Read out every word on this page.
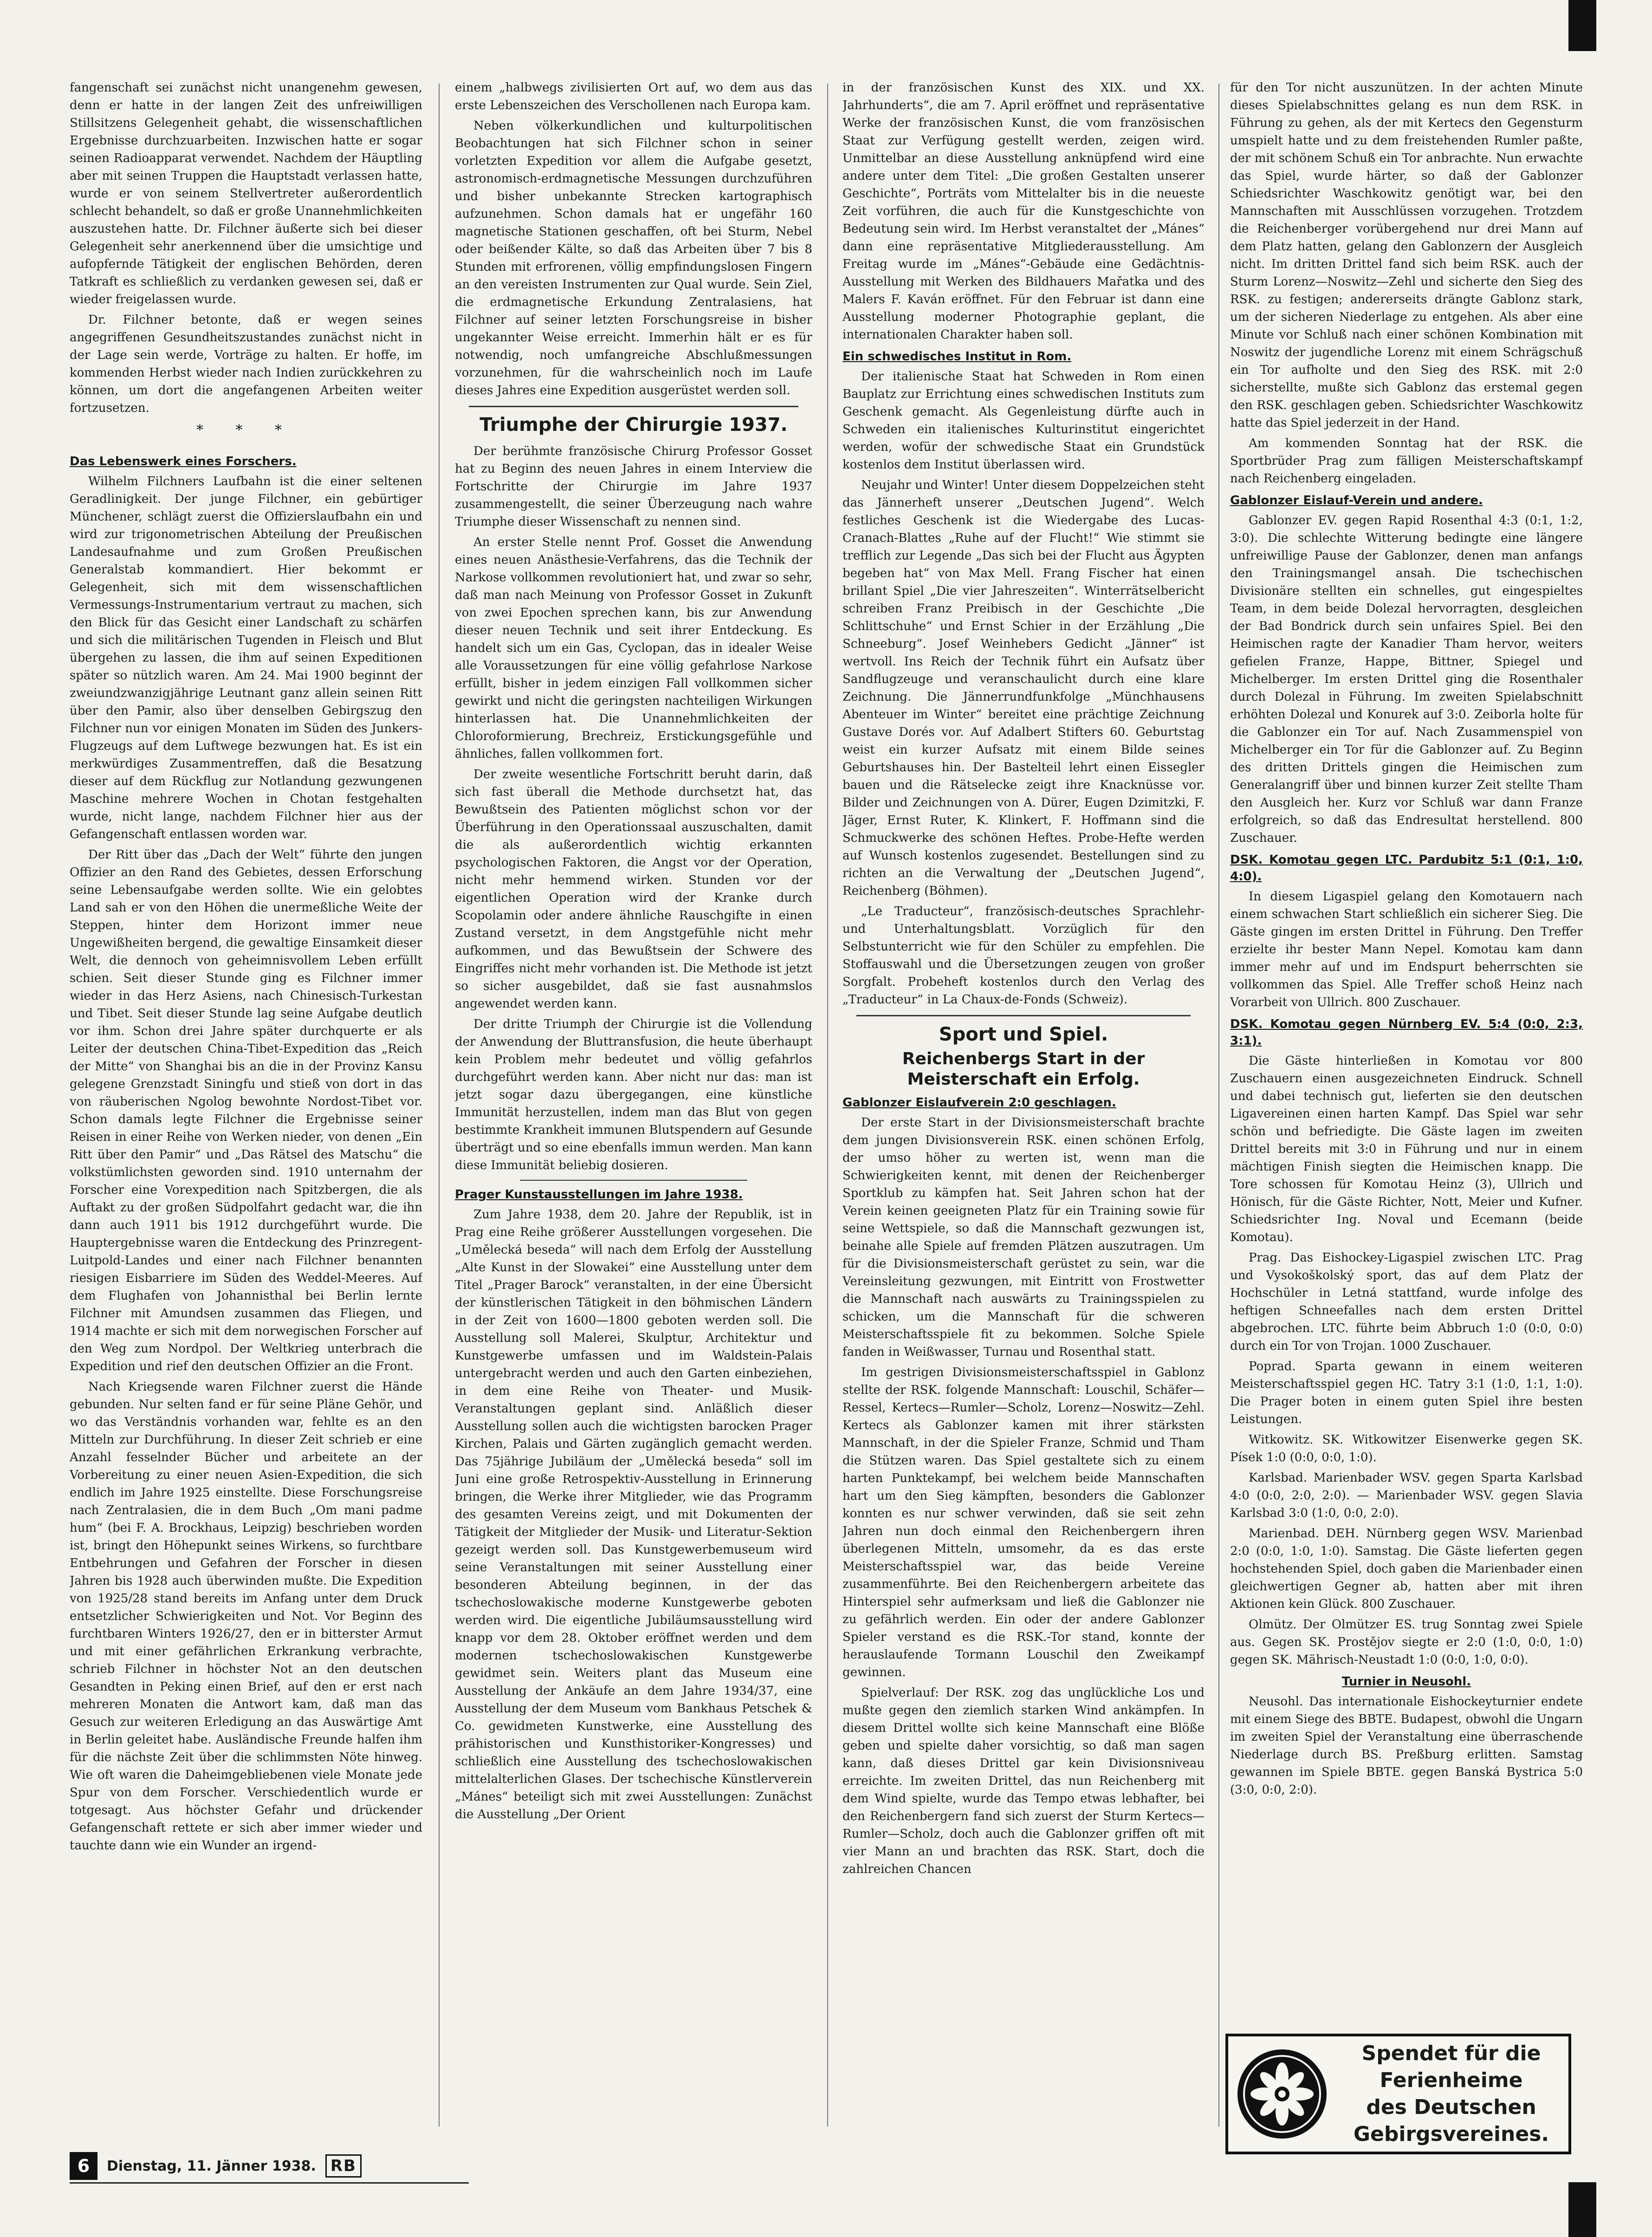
fangenschaft sei zunächst nicht unangenehm gewesen, denn er hatte in der langen Zeit des unfreiwilligen Stillsitzens Gelegenheit gehabt, die wissenschaftlichen Ergebnisse durchzuarbeiten. Inzwischen hatte er sogar seinen Radioapparat verwendet. Nachdem der Häuptling aber mit seinen Truppen die Hauptstadt verlassen hatte, wurde er von seinem Stellvertreter außerordentlich schlecht behandelt, so daß er große Unannehmlichkeiten auszustehen hatte. Dr. Filchner äußerte sich bei dieser Gelegenheit sehr anerkennend über die umsichtige und aufopfernde Tätigkeit der englischen Behörden, deren Tatkraft es schließlich zu verdanken gewesen sei, daß er wieder freigelassen wurde.

Dr. Filchner betonte, daß er wegen seines angegriffenen Gesundheitszustandes zunächst nicht in der Lage sein werde, Vorträge zu halten. Er hoffe, im kommenden Herbst wieder nach Indien zurückkehren zu können, um dort die angefangenen Arbeiten weiter fortzusetzen.

* * *
Das Lebenswerk eines Forschers.

Wilhelm Filchners Laufbahn ist die einer seltenen Geradlinigkeit. Der junge Filchner, ein gebürtiger Münchener, schlägt zuerst die Offizierslaufbahn ein und wird zur trigonometrischen Abteilung der Preußischen Landesaufnahme und zum Großen Preußischen Generalstab kommandiert. Hier bekommt er Gelegenheit, sich mit dem wissenschaftlichen Vermessungs-Instrumentarium vertraut zu machen, sich den Blick für das Gesicht einer Landschaft zu schärfen und sich die militärischen Tugenden in Fleisch und Blut übergehen zu lassen, die ihm auf seinen Expeditionen später so nützlich waren. Am 24. Mai 1900 beginnt der zweiundzwanzigjährige Leutnant ganz allein seinen Ritt über den Pamir, also über denselben Gebirgszug den Filchner nun vor einigen Monaten im Süden des Junkers-Flugzeugs auf dem Luftwege bezwungen hat. Es ist ein merkwürdiges Zusammentreffen, daß die Besatzung dieser auf dem Rückflug zur Notlandung gezwungenen Maschine mehrere Wochen in Chotan festgehalten wurde, nicht lange, nachdem Filchner hier aus der Gefangenschaft entlassen worden war.

Der Ritt über das „Dach der Welt“ führte den jungen Offizier an den Rand des Gebietes, dessen Erforschung seine Lebensaufgabe werden sollte. Wie ein gelobtes Land sah er von den Höhen die unermeßliche Weite der Steppen, hinter dem Horizont immer neue Ungewißheiten bergend, die gewaltige Einsamkeit dieser Welt, die dennoch von geheimnisvollem Leben erfüllt schien. Seit dieser Stunde ging es Filchner immer wieder in das Herz Asiens, nach Chinesisch-Turkestan und Tibet. Seit dieser Stunde lag seine Aufgabe deutlich vor ihm. Schon drei Jahre später durchquerte er als Leiter der deutschen China-Tibet-Expedition das „Reich der Mitte“ von Shanghai bis an die in der Provinz Kansu gelegene Grenzstadt Siningfu und stieß von dort in das von räuberischen Ngolog bewohnte Nordost-Tibet vor. Schon damals legte Filchner die Ergebnisse seiner Reisen in einer Reihe von Werken nieder, von denen „Ein Ritt über den Pamir“ und „Das Rätsel des Matschu“ die volkstümlichsten geworden sind. 1910 unternahm der Forscher eine Vorexpedition nach Spitzbergen, die als Auftakt zu der großen Südpolfahrt gedacht war, die ihn dann auch 1911 bis 1912 durchgeführt wurde. Die Hauptergebnisse waren die Entdeckung des Prinzregent-Luitpold-Landes und einer nach Filchner benannten riesigen Eisbarriere im Süden des Weddel-Meeres. Auf dem Flughafen von Johannisthal bei Berlin lernte Filchner mit Amundsen zusammen das Fliegen, und 1914 machte er sich mit dem norwegischen Forscher auf den Weg zum Nordpol. Der Weltkrieg unterbrach die Expedition und rief den deutschen Offizier an die Front.

Nach Kriegsende waren Filchner zuerst die Hände gebunden. Nur selten fand er für seine Pläne Gehör, und wo das Verständnis vorhanden war, fehlte es an den Mitteln zur Durchführung. In dieser Zeit schrieb er eine Anzahl fesselnder Bücher und arbeitete an der Vorbereitung zu einer neuen Asien-Expedition, die sich endlich im Jahre 1925 einstellte. Diese Forschungsreise nach Zentralasien, die in dem Buch „Om mani padme hum“ (bei F. A. Brockhaus, Leipzig) beschrieben worden ist, bringt den Höhepunkt seines Wirkens, so furchtbare Entbehrungen und Gefahren der Forscher in diesen Jahren bis 1928 auch überwinden mußte. Die Expedition von 1925/28 stand bereits im Anfang unter dem Druck entsetzlicher Schwierigkeiten und Not. Vor Beginn des furchtbaren Winters 1926/27, den er in bitterster Armut und mit einer gefährlichen Erkrankung verbrachte, schrieb Filchner in höchster Not an den deutschen Gesandten in Peking einen Brief, auf den er erst nach mehreren Monaten die Antwort kam, daß man das Gesuch zur weiteren Erledigung an das Auswärtige Amt in Berlin geleitet habe. Ausländische Freunde halfen ihm für die nächste Zeit über die schlimmsten Nöte hinweg. Wie oft waren die Daheimgebliebenen viele Monate jede Spur von dem Forscher. Verschiedentlich wurde er totgesagt. Aus höchster Gefahr und drückender Gefangenschaft rettete er sich aber immer wieder und tauchte dann wie ein Wunder an irgend-

einem „halbwegs zivilisierten Ort auf, wo dem aus das erste Lebenszeichen des Verschollenen nach Europa kam.

Neben völkerkundlichen und kulturpolitischen Beobachtungen hat sich Filchner schon in seiner vorletzten Expedition vor allem die Aufgabe gesetzt, astronomisch-erdmagnetische Messungen durchzuführen und bisher unbekannte Strecken kartographisch aufzunehmen. Schon damals hat er ungefähr 160 magnetische Stationen geschaffen, oft bei Sturm, Nebel oder beißender Kälte, so daß das Arbeiten über 7 bis 8 Stunden mit erfrorenen, völlig empfindungslosen Fingern an den vereisten Instrumenten zur Qual wurde. Sein Ziel, die erdmagnetische Erkundung Zentralasiens, hat Filchner auf seiner letzten Forschungsreise in bisher ungekannter Weise erreicht. Immerhin hält er es für notwendig, noch umfangreiche Abschlußmessungen vorzunehmen, für die wahrscheinlich noch im Laufe dieses Jahres eine Expedition ausgerüstet werden soll.

Triumphe der Chirurgie 1937.

Der berühmte französische Chirurg Professor Gosset hat zu Beginn des neuen Jahres in einem Interview die Fortschritte der Chirurgie im Jahre 1937 zusammengestellt, die seiner Überzeugung nach wahre Triumphe dieser Wissenschaft zu nennen sind.

An erster Stelle nennt Prof. Gosset die Anwendung eines neuen Anästhesie-Verfahrens, das die Technik der Narkose vollkommen revolutioniert hat, und zwar so sehr, daß man nach Meinung von Professor Gosset in Zukunft von zwei Epochen sprechen kann, bis zur Anwendung dieser neuen Technik und seit ihrer Entdeckung. Es handelt sich um ein Gas, Cyclopan, das in idealer Weise alle Voraussetzungen für eine völlig gefahrlose Narkose erfüllt, bisher in jedem einzigen Fall vollkommen sicher gewirkt und nicht die geringsten nachteiligen Wirkungen hinterlassen hat. Die Unannehmlichkeiten der Chloroformierung, Brechreiz, Erstickungsgefühle und ähnliches, fallen vollkommen fort.

Der zweite wesentliche Fortschritt beruht darin, daß sich fast überall die Methode durchsetzt hat, das Bewußtsein des Patienten möglichst schon vor der Überführung in den Operationssaal auszuschalten, damit die als außerordentlich wichtig erkannten psychologischen Faktoren, die Angst vor der Operation, nicht mehr hemmend wirken. Stunden vor der eigentlichen Operation wird der Kranke durch Scopolamin oder andere ähnliche Rauschgifte in einen Zustand versetzt, in dem Angstgefühle nicht mehr aufkommen, und das Bewußtsein der Schwere des Eingriffes nicht mehr vorhanden ist. Die Methode ist jetzt so sicher ausgebildet, daß sie fast ausnahmslos angewendet werden kann.

Der dritte Triumph der Chirurgie ist die Vollendung der Anwendung der Bluttransfusion, die heute überhaupt kein Problem mehr bedeutet und völlig gefahrlos durchgeführt werden kann. Aber nicht nur das: man ist jetzt sogar dazu übergegangen, eine künstliche Immunität herzustellen, indem man das Blut von gegen bestimmte Krankheit immunen Blutspendern auf Gesunde überträgt und so eine ebenfalls immun werden. Man kann diese Immunität beliebig dosieren.

Prager Kunstausstellungen im Jahre 1938.

Zum Jahre 1938, dem 20. Jahre der Republik, ist in Prag eine Reihe größerer Ausstellungen vorgesehen. Die „Umělecká beseda“ will nach dem Erfolg der Ausstellung „Alte Kunst in der Slowakei“ eine Ausstellung unter dem Titel „Prager Barock“ veranstalten, in der eine Übersicht der künstlerischen Tätigkeit in den böhmischen Ländern in der Zeit von 1600—1800 geboten werden soll. Die Ausstellung soll Malerei, Skulptur, Architektur und Kunstgewerbe umfassen und im Waldstein-Palais untergebracht werden und auch den Garten einbeziehen, in dem eine Reihe von Theater- und Musik-Veranstaltungen geplant sind. Anläßlich dieser Ausstellung sollen auch die wichtigsten barocken Prager Kirchen, Palais und Gärten zugänglich gemacht werden. Das 75jährige Jubiläum der „Umělecká beseda“ soll im Juni eine große Retrospektiv-Ausstellung in Erinnerung bringen, die Werke ihrer Mitglieder, wie das Programm des gesamten Vereins zeigt, und mit Dokumenten der Tätigkeit der Mitglieder der Musik- und Literatur-Sektion gezeigt werden soll. Das Kunstgewerbemuseum wird seine Veranstaltungen mit seiner Ausstellung einer besonderen Abteilung beginnen, in der das tschechoslowakische moderne Kunstgewerbe geboten werden wird. Die eigentliche Jubiläumsausstellung wird knapp vor dem 28. Oktober eröffnet werden und dem modernen tschechoslowakischen Kunstgewerbe gewidmet sein. Weiters plant das Museum eine Ausstellung der Ankäufe an dem Jahre 1934/37, eine Ausstellung der dem Museum vom Bankhaus Petschek & Co. gewidmeten Kunstwerke, eine Ausstellung des prähistorischen und Kunsthistoriker-Kongresses) und schließlich eine Ausstellung des tschechoslowakischen mittelalterlichen Glases. Der tschechische Künstlerverein „Mánes“ beteiligt sich mit zwei Ausstellungen: Zunächst die Ausstellung „Der Orient

in der französischen Kunst des XIX. und XX. Jahrhunderts“, die am 7. April eröffnet und repräsentative Werke der französischen Kunst, die vom französischen Staat zur Verfügung gestellt werden, zeigen wird. Unmittelbar an diese Ausstellung anknüpfend wird eine andere unter dem Titel: „Die großen Gestalten unserer Geschichte“, Porträts vom Mittelalter bis in die neueste Zeit vorführen, die auch für die Kunstgeschichte von Bedeutung sein wird. Im Herbst veranstaltet der „Mánes“ dann eine repräsentative Mitgliederausstellung. Am Freitag wurde im „Mánes“-Gebäude eine Gedächtnis-Ausstellung mit Werken des Bildhauers Mařatka und des Malers F. Kaván eröffnet. Für den Februar ist dann eine Ausstellung moderner Photographie geplant, die internationalen Charakter haben soll.

Ein schwedisches Institut in Rom.

Der italienische Staat hat Schweden in Rom einen Bauplatz zur Errichtung eines schwedischen Instituts zum Geschenk gemacht. Als Gegenleistung dürfte auch in Schweden ein italienisches Kulturinstitut eingerichtet werden, wofür der schwedische Staat ein Grundstück kostenlos dem Institut überlassen wird.

Neujahr und Winter! Unter diesem Doppelzeichen steht das Jännerheft unserer „Deutschen Jugend“. Welch festliches Geschenk ist die Wiedergabe des Lucas-Cranach-Blattes „Ruhe auf der Flucht!“ Wie stimmt sie trefflich zur Legende „Das sich bei der Flucht aus Ägypten begeben hat“ von Max Mell. Frang Fischer hat einen brillant Spiel „Die vier Jahreszeiten“. Winterrätselbericht schreiben Franz Preibisch in der Geschichte „Die Schlittschuhe“ und Ernst Schier in der Erzählung „Die Schneeburg“. Josef Weinhebers Gedicht „Jänner“ ist wertvoll. Ins Reich der Technik führt ein Aufsatz über Sandflugzeuge und veranschaulicht durch eine klare Zeichnung. Die Jännerrundfunkfolge „Münchhausens Abenteuer im Winter“ bereitet eine prächtige Zeichnung Gustave Dorés vor. Auf Adalbert Stifters 60. Geburtstag weist ein kurzer Aufsatz mit einem Bilde seines Geburtshauses hin. Der Bastelteil lehrt einen Eissegler bauen und die Rätselecke zeigt ihre Knacknüsse vor. Bilder und Zeichnungen von A. Dürer, Eugen Dzimitzki, F. Jäger, Ernst Ruter, K. Klinkert, F. Hoffmann sind die Schmuckwerke des schönen Heftes. Probe-Hefte werden auf Wunsch kostenlos zugesendet. Bestellungen sind zu richten an die Verwaltung der „Deutschen Jugend“, Reichenberg (Böhmen).

„Le Traducteur“, französisch-deutsches Sprachlehr- und Unterhaltungsblatt. Vorzüglich für den Selbstunterricht wie für den Schüler zu empfehlen. Die Stoffauswahl und die Übersetzungen zeugen von großer Sorgfalt. Probeheft kostenlos durch den Verlag des „Traducteur“ in La Chaux-de-Fonds (Schweiz).

Sport und Spiel.
Reichenbergs Start in der Meisterschaft ein Erfolg.
Gablonzer Eislaufverein 2:0 geschlagen.

Der erste Start in der Divisionsmeisterschaft brachte dem jungen Divisionsverein RSK. einen schönen Erfolg, der umso höher zu werten ist, wenn man die Schwierigkeiten kennt, mit denen der Reichenberger Sportklub zu kämpfen hat. Seit Jahren schon hat der Verein keinen geeigneten Platz für ein Training sowie für seine Wettspiele, so daß die Mannschaft gezwungen ist, beinahe alle Spiele auf fremden Plätzen auszutragen. Um für die Divisionsmeisterschaft gerüstet zu sein, war die Vereinsleitung gezwungen, mit Eintritt von Frostwetter die Mannschaft nach auswärts zu Trainingsspielen zu schicken, um die Mannschaft für die schweren Meisterschaftsspiele fit zu bekommen. Solche Spiele fanden in Weißwasser, Turnau und Rosenthal statt.

Im gestrigen Divisionsmeisterschaftsspiel in Gablonz stellte der RSK. folgende Mannschaft: Louschil, Schäfer—Ressel, Kertecs—Rumler—Scholz, Lorenz—Noswitz—Zehl. Kertecs als Gablonzer kamen mit ihrer stärksten Mannschaft, in der die Spieler Franze, Schmid und Tham die Stützen waren. Das Spiel gestaltete sich zu einem harten Punktekampf, bei welchem beide Mannschaften hart um den Sieg kämpften, besonders die Gablonzer konnten es nur schwer verwinden, daß sie seit zehn Jahren nun doch einmal den Reichenbergern ihren überlegenen Mitteln, umsomehr, da es das erste Meisterschaftsspiel war, das beide Vereine zusammenführte. Bei den Reichenbergern arbeitete das Hinterspiel sehr aufmerksam und ließ die Gablonzer nie zu gefährlich werden. Ein oder der andere Gablonzer Spieler verstand es die RSK.-Tor stand, konnte der herauslaufende Tormann Louschil den Zweikampf gewinnen.

Spielverlauf: Der RSK. zog das unglückliche Los und mußte gegen den ziemlich starken Wind ankämpfen. In diesem Drittel wollte sich keine Mannschaft eine Blöße geben und spielte daher vorsichtig, so daß man sagen kann, daß dieses Drittel gar kein Divisionsniveau erreichte. Im zweiten Drittel, das nun Reichenberg mit dem Wind spielte, wurde das Tempo etwas lebhafter, bei den Reichenbergern fand sich zuerst der Sturm Kertecs—Rumler—Scholz, doch auch die Gablonzer griffen oft mit vier Mann an und brachten das RSK. Start, doch die zahlreichen Chancen

für den Tor nicht auszunützen. In der achten Minute dieses Spielabschnittes gelang es nun dem RSK. in Führung zu gehen, als der mit Kertecs den Gegensturm umspielt hatte und zu dem freistehenden Rumler paßte, der mit schönem Schuß ein Tor anbrachte. Nun erwachte das Spiel, wurde härter, so daß der Gablonzer Schiedsrichter Waschkowitz genötigt war, bei den Mannschaften mit Ausschlüssen vorzugehen. Trotzdem die Reichenberger vorübergehend nur drei Mann auf dem Platz hatten, gelang den Gablonzern der Ausgleich nicht. Im dritten Drittel fand sich beim RSK. auch der Sturm Lorenz—Noswitz—Zehl und sicherte den Sieg des RSK. zu festigen; andererseits drängte Gablonz stark, um der sicheren Niederlage zu entgehen. Als aber eine Minute vor Schluß nach einer schönen Kombination mit Noswitz der jugendliche Lorenz mit einem Schrägschuß ein Tor aufholte und den Sieg des RSK. mit 2:0 sicherstellte, mußte sich Gablonz das erstemal gegen den RSK. geschlagen geben. Schiedsrichter Waschkowitz hatte das Spiel jederzeit in der Hand.

Am kommenden Sonntag hat der RSK. die Sportbrüder Prag zum fälligen Meisterschaftskampf nach Reichenberg eingeladen.

Gablonzer Eislauf-Verein und andere.

Gablonzer EV. gegen Rapid Rosenthal 4:3 (0:1, 1:2, 3:0). Die schlechte Witterung bedingte eine längere unfreiwillige Pause der Gablonzer, denen man anfangs den Trainingsmangel ansah. Die tschechischen Divisionäre stellten ein schnelles, gut eingespieltes Team, in dem beide Dolezal hervorragten, desgleichen der Bad Bondrick durch sein unfaires Spiel. Bei den Heimischen ragte der Kanadier Tham hervor, weiters gefielen Franze, Happe, Bittner, Spiegel und Michelberger. Im ersten Drittel ging die Rosenthaler durch Dolezal in Führung. Im zweiten Spielabschnitt erhöhten Dolezal und Konurek auf 3:0. Zeiborla holte für die Gablonzer ein Tor auf. Nach Zusammenspiel von Michelberger ein Tor für die Gablonzer auf. Zu Beginn des dritten Drittels gingen die Heimischen zum Generalangriff über und binnen kurzer Zeit stellte Tham den Ausgleich her. Kurz vor Schluß war dann Franze erfolgreich, so daß das Endresultat herstellend. 800 Zuschauer.

DSK. Komotau gegen LTC. Pardubitz 5:1 (0:1, 1:0, 4:0).

In diesem Ligaspiel gelang den Komotauern nach einem schwachen Start schließlich ein sicherer Sieg. Die Gäste gingen im ersten Drittel in Führung. Den Treffer erzielte ihr bester Mann Nepel. Komotau kam dann immer mehr auf und im Endspurt beherrschten sie vollkommen das Spiel. Alle Treffer schoß Heinz nach Vorarbeit von Ullrich. 800 Zuschauer.

DSK. Komotau gegen Nürnberg EV. 5:4 (0:0, 2:3, 3:1).

Die Gäste hinterließen in Komotau vor 800 Zuschauern einen ausgezeichneten Eindruck. Schnell und dabei technisch gut, lieferten sie den deutschen Ligavereinen einen harten Kampf. Das Spiel war sehr schön und befriedigte. Die Gäste lagen im zweiten Drittel bereits mit 3:0 in Führung und nur in einem mächtigen Finish siegten die Heimischen knapp. Die Tore schossen für Komotau Heinz (3), Ullrich und Hönisch, für die Gäste Richter, Nott, Meier und Kufner. Schiedsrichter Ing. Noval und Ecemann (beide Komotau).

Prag. Das Eishockey-Ligaspiel zwischen LTC. Prag und Vysokoškolský sport, das auf dem Platz der Hochschüler in Letná stattfand, wurde infolge des heftigen Schneefalles nach dem ersten Drittel abgebrochen. LTC. führte beim Abbruch 1:0 (0:0, 0:0) durch ein Tor von Trojan. 1000 Zuschauer.

Poprad. Sparta gewann in einem weiteren Meisterschaftsspiel gegen HC. Tatry 3:1 (1:0, 1:1, 1:0). Die Prager boten in einem guten Spiel ihre besten Leistungen.

Witkowitz. SK. Witkowitzer Eisenwerke gegen SK. Písek 1:0 (0:0, 0:0, 1:0).

Karlsbad. Marienbader WSV. gegen Sparta Karlsbad 4:0 (0:0, 2:0, 2:0). — Marienbader WSV. gegen Slavia Karlsbad 3:0 (1:0, 0:0, 2:0).

Marienbad. DEH. Nürnberg gegen WSV. Marienbad 2:0 (0:0, 1:0, 1:0). Samstag. Die Gäste lieferten gegen hochstehenden Spiel, doch gaben die Marienbader einen gleichwertigen Gegner ab, hatten aber mit ihren Aktionen kein Glück. 800 Zuschauer.

Olmütz. Der Olmützer ES. trug Sonntag zwei Spiele aus. Gegen SK. Prostějov siegte er 2:0 (1:0, 0:0, 1:0) gegen SK. Mährisch-Neustadt 1:0 (0:0, 1:0, 0:0).

Turnier in Neusohl.

Neusohl. Das internationale Eishockeyturnier endete mit einem Siege des BBTE. Budapest, obwohl die Ungarn im zweiten Spiel der Veranstaltung eine überraschende Niederlage durch BS. Preßburg erlitten. Samstag gewannen im Spiele BBTE. gegen Banská Bystrica 5:0 (3:0, 0:0, 2:0).

Spendet für die
Ferienheime
des Deutschen
Gebirgsvereines.
6	Dienstag, 11. Jänner 1938. RB
